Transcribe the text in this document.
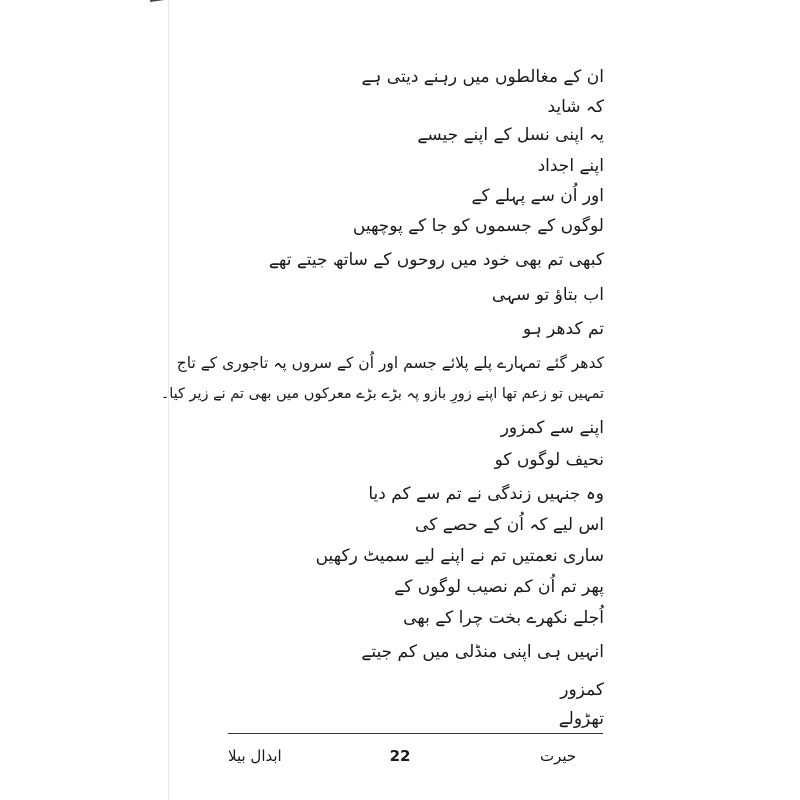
ان کے مغالطوں میں رہنے دیتی ہے
کہ شاید
یہ اپنی نسل کے اپنے جیسے
اپنے اجداد
اور اُن سے پہلے کے
لوگوں کے جسموں کو جا کے پوچھیں
کبھی تم بھی خود میں روحوں کے ساتھ جیتے تھے
اب بتاؤ تو سہی
تم کدھر ہو
کدھر گئے تمہارے پلے پلائے جسم اور اُن کے سروں پہ تاجوری کے تاج
تمہیں تو زعم تھا اپنے زورِ بازو پہ بڑے بڑے معرکوں میں بھی تم نے زیر کیا۔
اپنے سے کمزور
نحیف لوگوں کو
وہ جنہیں زندگی نے تم سے کم دیا
اس لیے کہ اُن کے حصے کی
ساری نعمتیں تم نے اپنے لیے سمیٹ رکھیں
پھر تم اُن کم نصیب لوگوں کے
اُجلے نکھرے بخت چرا کے بھی
انہیں ہی اپنی منڈلی میں کم جیتے
کمزور
تھڑولے
حیرت
22
ابدال بیلا
